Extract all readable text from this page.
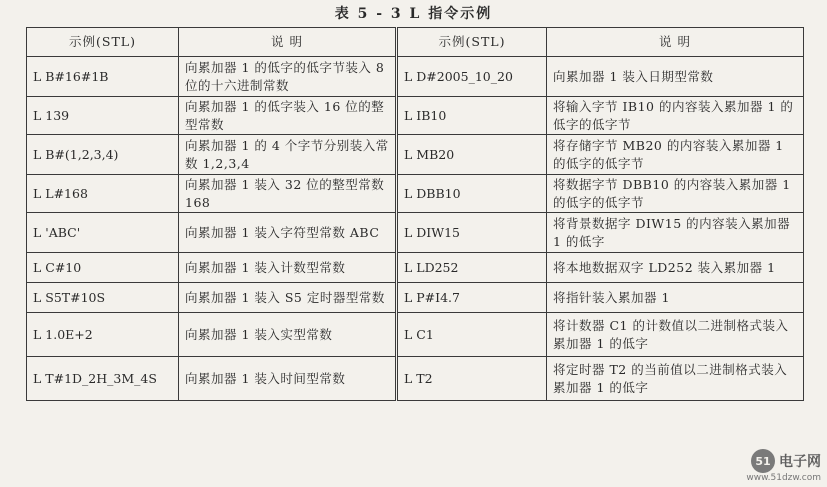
表 5 - 3 L 指令示例
示例(STL)	说 明	示例(STL)	说 明
L B#16#1B	向累加器 1 的低字的低字节装入 8 位的十六进制常数	L D#2005_10_20	向累加器 1 装入日期型常数
L 139	向累加器 1 的低字装入 16 位的整型常数	L IB10	将输入字节 IB10 的内容装入累加器 1 的低字的低字节
L B#(1,2,3,4)	向累加器 1 的 4 个字节分别装入常数 1,2,3,4	L MB20	将存储字节 MB20 的内容装入累加器 1 的低字的低字节
L L#168	向累加器 1 装入 32 位的整型常数 168	L DBB10	将数据字节 DBB10 的内容装入累加器 1 的低字的低字节
L 'ABC'	向累加器 1 装入字符型常数 ABC	L DIW15	将背景数据字 DIW15 的内容装入累加器 1 的低字
L C#10	向累加器 1 装入计数型常数	L LD252	将本地数据双字 LD252 装入累加器 1
L S5T#10S	向累加器 1 装入 S5 定时器型常数	L P#I4.7	将指针装入累加器 1
L 1.0E+2	向累加器 1 装入实型常数	L C1	将计数器 C1 的计数值以二进制格式装入累加器 1 的低字
L T#1D_2H_3M_4S	向累加器 1 装入时间型常数	L T2	将定时器 T2 的当前值以二进制格式装入累加器 1 的低字
51 电子网
www.51dzw.com
